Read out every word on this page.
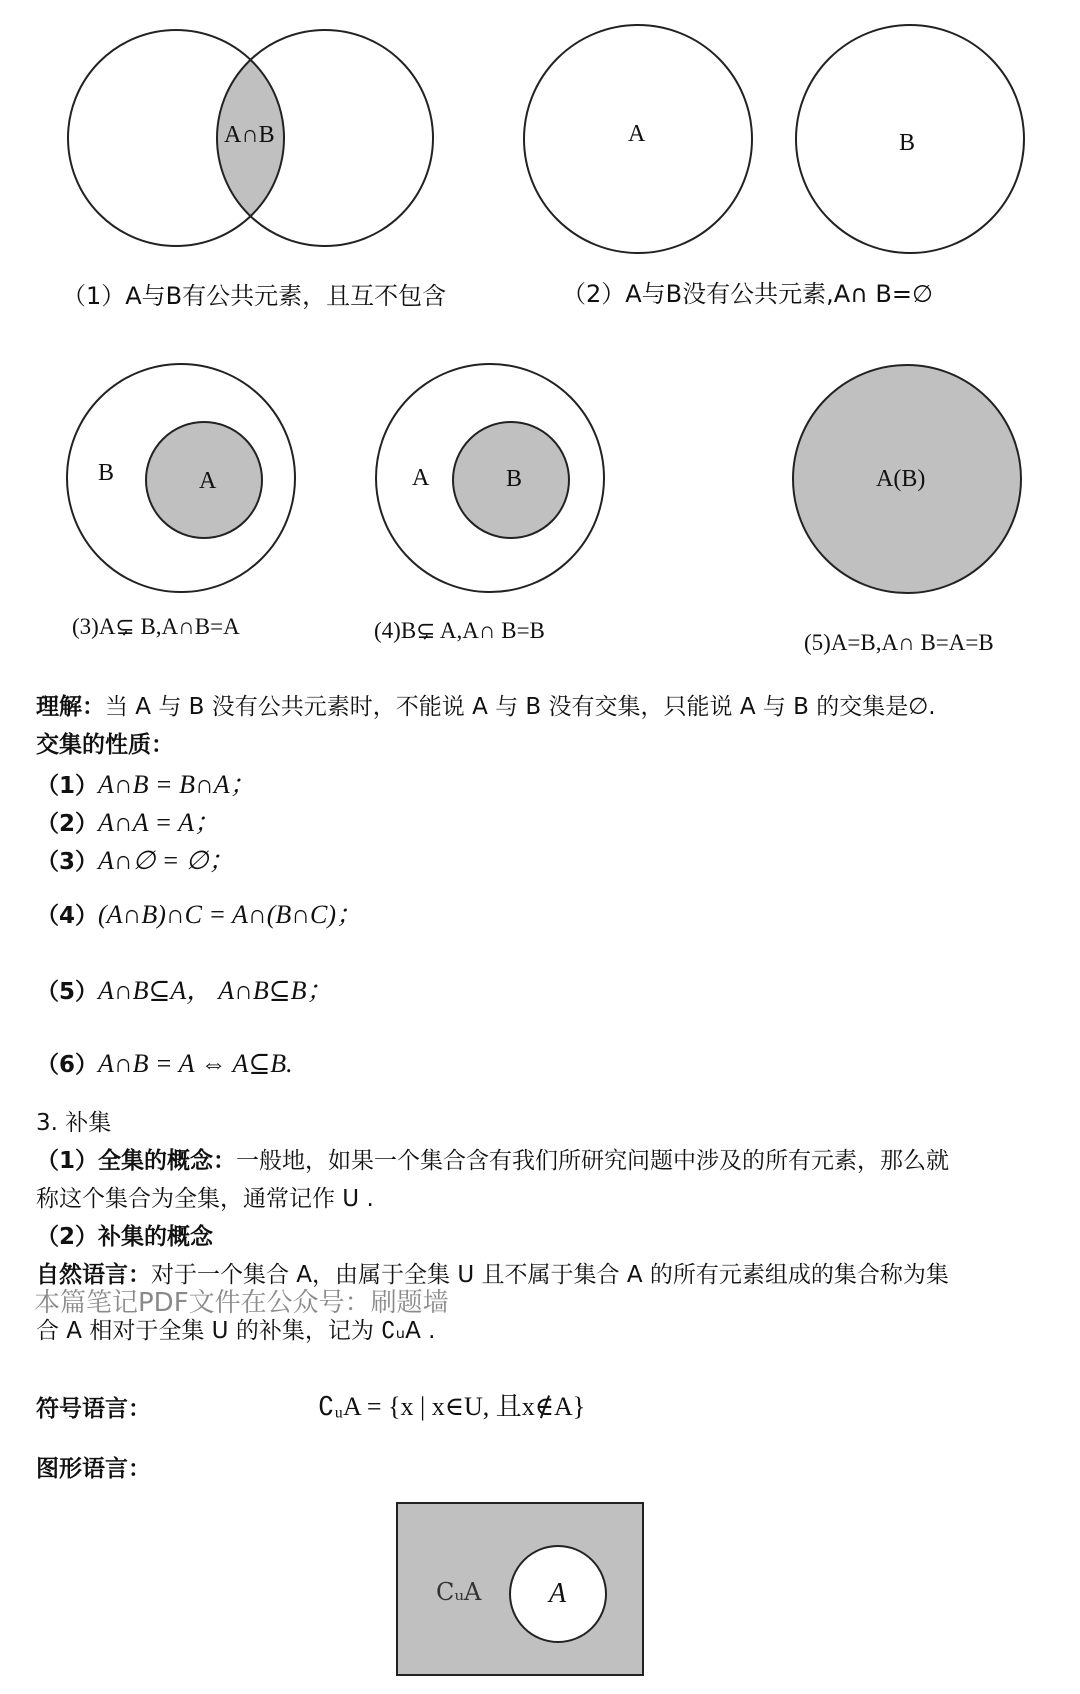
A∩B	A	B
（1）A与B有公共元素，且互不包含	（2）A与B没有公共元素,A∩ B=∅
B	A	A	B	A(B)
(3)A⊊ B,A∩B=A	(4)B⊊ A,A∩ B=B	(5)A=B,A∩ B=A=B
理解：当 A 与 B 没有公共元素时，不能说 A 与 B 没有交集，只能说 A 与 B 的交集是∅.
交集的性质：
（1）A∩B = B∩A；
（2）A∩A = A；
（3）A∩∅ = ∅；
（4）(A∩B)∩C = A∩(B∩C)；
（5）A∩B⊆A， A∩B⊆B；
（6）A∩B = A ⇔ A⊆B.
3. 补集
（1）全集的概念：一般地，如果一个集合含有我们所研究问题中涉及的所有元素，那么就
称这个集合为全集，通常记作 U .
（2）补集的概念
自然语言：对于一个集合 A，由属于全集 U 且不属于集合 A 的所有元素组成的集合称为集
合 A 相对于全集 U 的补集，记为 ∁ᵤA .
符号语言：	∁ᵤA = {x | x∈U, 且x∉A}
图形语言：
CᵤA A
本篇笔记PDF文件在公众号：刷题墙
